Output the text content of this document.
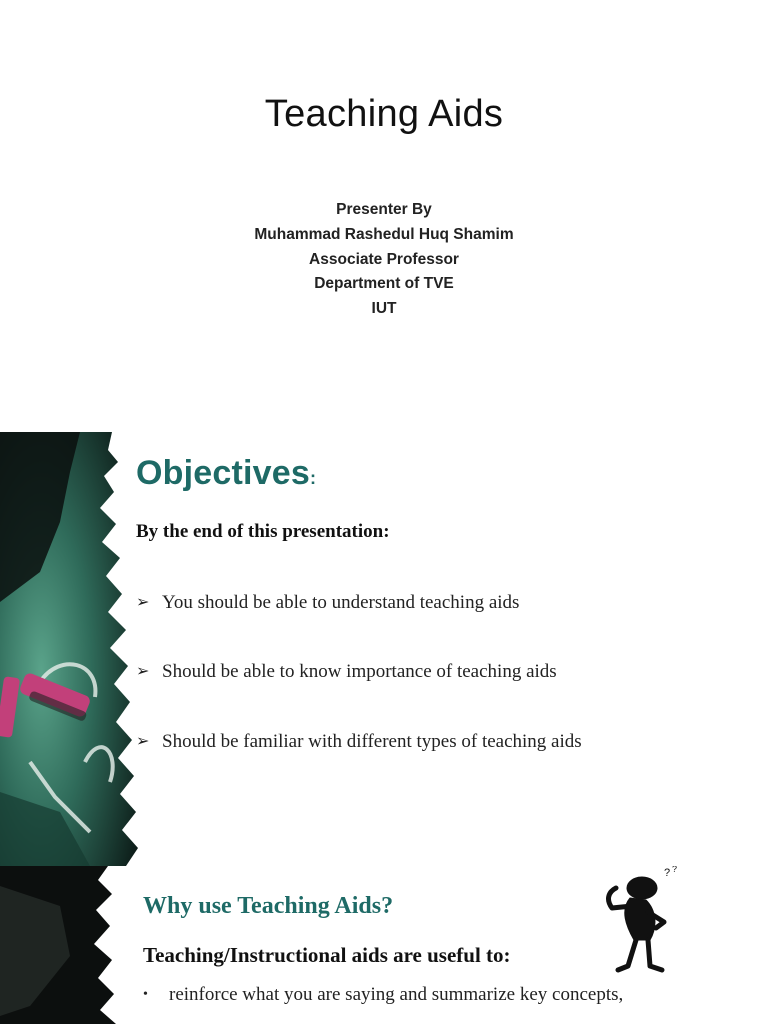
Teaching Aids
Presenter By
Muhammad Rashedul Huq Shamim
Associate Professor
Department of TVE
IUT
Objectives:
By the end of this presentation:
➢ You should be able to understand teaching aids
➢ Should be able to know importance of teaching aids
➢ Should be familiar with different types of teaching aids
Why use Teaching Aids?
Teaching/Instructional aids are useful to:
•	reinforce what you are saying and summarize key concepts,
? ?
